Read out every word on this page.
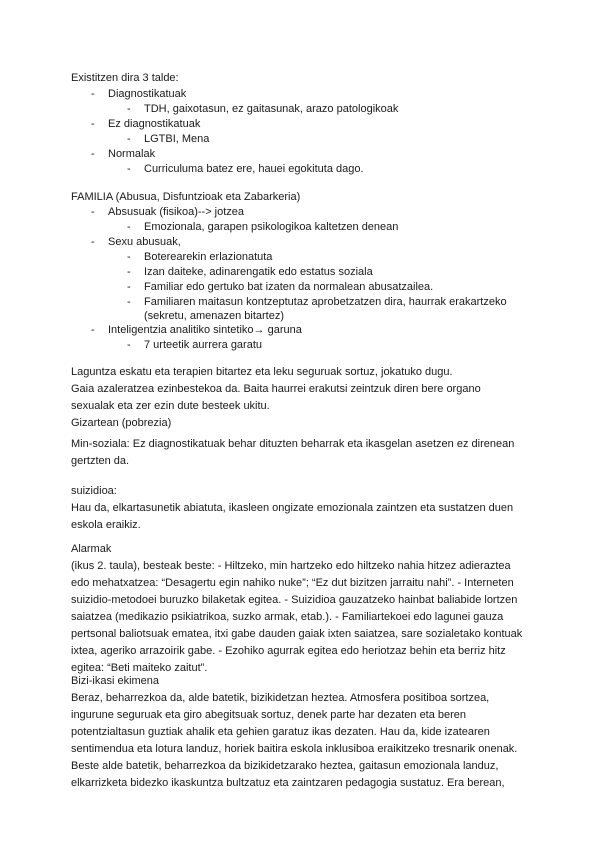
Existitzen dira 3 talde:
- Diagnostikatuak
- TDH, gaixotasun, ez gaitasunak, arazo patologikoak
- Ez diagnostikatuak
- LGTBI, Mena
- Normalak
- Curriculuma batez ere, hauei egokituta dago.
FAMILIA (Abusua, Disfuntzioak eta Zabarkeria)
- Absusuak (fisikoa)--> jotzea
- Emozionala, garapen psikologikoa kaltetzen denean
- Sexu abusuak,
- Boterearekin erlazionatuta
- Izan daiteke, adinarengatik edo estatus soziala
- Familiar edo gertuko bat izaten da normalean abusatzailea.
- Familiaren maitasun kontzeptutaz aprobetzatzen dira, haurrak erakartzeko
(sekretu, amenazen bitartez)
- Inteligentzia analitiko sintetiko→ garuna
- 7 urteetik aurrera garatu
Laguntza eskatu eta terapien bitartez eta leku seguruak sortuz, jokatuko dugu.
Gaia azaleratzea ezinbestekoa da. Baita haurrei erakutsi zeintzuk diren bere organo
sexualak eta zer ezin dute besteek ukitu.
Gizartean (pobrezia)
Min-soziala: Ez diagnostikatuak behar dituzten beharrak eta ikasgelan asetzen ez direnean
gertzten da.
suizidioa:
Hau da, elkartasunetik abiatuta, ikasleen ongizate emozionala zaintzen eta sustatzen duen
eskola eraikiz.
Alarmak
(ikus 2. taula), besteak beste: - Hiltzeko, min hartzeko edo hiltzeko nahia hitzez adieraztea
edo mehatxatzea: “Desagertu egin nahiko nuke”; “Ez dut bizitzen jarraitu nahi”. - Interneten
suizidio-metodoei buruzko bilaketak egitea. - Suizidioa gauzatzeko hainbat baliabide lortzen
saiatzea (medikazio psikiatrikoa, suzko armak, etab.). - Familiartekoei edo lagunei gauza
pertsonal baliotsuak ematea, itxi gabe dauden gaiak ixten saiatzea, sare sozialetako kontuak
ixtea, ageriko arrazoirik gabe. - Ezohiko agurrak egitea edo heriotzaz behin eta berriz hitz
egitea: “Beti maiteko zaitut”.
Bizi-ikasi ekimena
Beraz, beharrezkoa da, alde batetik, bizikidetzan heztea. Atmosfera positiboa sortzea,
ingurune seguruak eta giro abegitsuak sortuz, denek parte har dezaten eta beren
potentzialtasun guztiak ahalik eta gehien garatuz ikas dezaten. Hau da, kide izatearen
sentimendua eta lotura landuz, horiek baitira eskola inklusiboa eraikitzeko tresnarik onenak.
Beste alde batetik, beharrezkoa da bizikidetzarako heztea, gaitasun emozionala landuz,
elkarrizketa bidezko ikaskuntza bultzatuz eta zaintzaren pedagogia sustatuz. Era berean,
